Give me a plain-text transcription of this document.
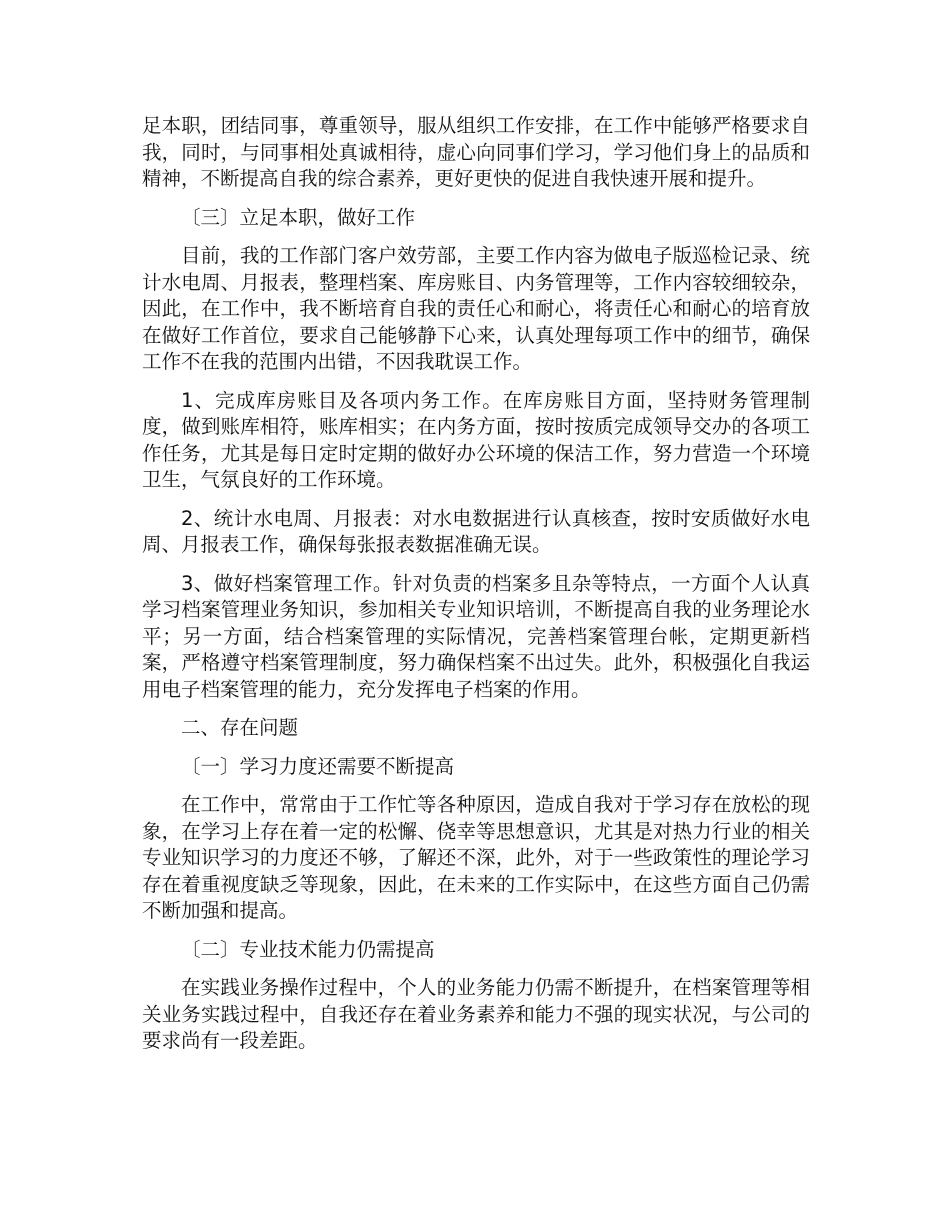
足本职，团结同事，尊重领导，服从组织工作安排，在工作中能够严格要求自我，同时，与同事相处真诚相待，虚心向同事们学习，学习他们身上的品质和精神，不断提高自我的综合素养，更好更快的促进自我快速开展和提升。

〔三〕立足本职，做好工作

目前，我的工作部门客户效劳部，主要工作内容为做电子版巡检记录、统计水电周、月报表，整理档案、库房账目、内务管理等，工作内容较细较杂，因此，在工作中，我不断培育自我的责任心和耐心，将责任心和耐心的培育放在做好工作首位，要求自己能够静下心来，认真处理每项工作中的细节，确保工作不在我的范围内出错，不因我耽误工作。

1、完成库房账目及各项内务工作。在库房账目方面，坚持财务管理制度，做到账库相符，账库相实；在内务方面，按时按质完成领导交办的各项工作任务，尤其是每日定时定期的做好办公环境的保洁工作，努力营造一个环境卫生，气氛良好的工作环境。

2、统计水电周、月报表：对水电数据进行认真核查，按时安质做好水电周、月报表工作，确保每张报表数据准确无误。

3、做好档案管理工作。针对负责的档案多且杂等特点，一方面个人认真学习档案管理业务知识，参加相关专业知识培训，不断提高自我的业务理论水平；另一方面，结合档案管理的实际情况，完善档案管理台帐，定期更新档案，严格遵守档案管理制度，努力确保档案不出过失。此外，积极强化自我运用电子档案管理的能力，充分发挥电子档案的作用。

二、存在问题

〔一〕学习力度还需要不断提高

在工作中，常常由于工作忙等各种原因，造成自我对于学习存在放松的现象，在学习上存在着一定的松懈、侥幸等思想意识，尤其是对热力行业的相关专业知识学习的力度还不够，了解还不深，此外，对于一些政策性的理论学习存在着重视度缺乏等现象，因此，在未来的工作实际中，在这些方面自己仍需不断加强和提高。

〔二〕专业技术能力仍需提高

在实践业务操作过程中，个人的业务能力仍需不断提升，在档案管理等相关业务实践过程中，自我还存在着业务素养和能力不强的现实状况，与公司的要求尚有一段差距。
